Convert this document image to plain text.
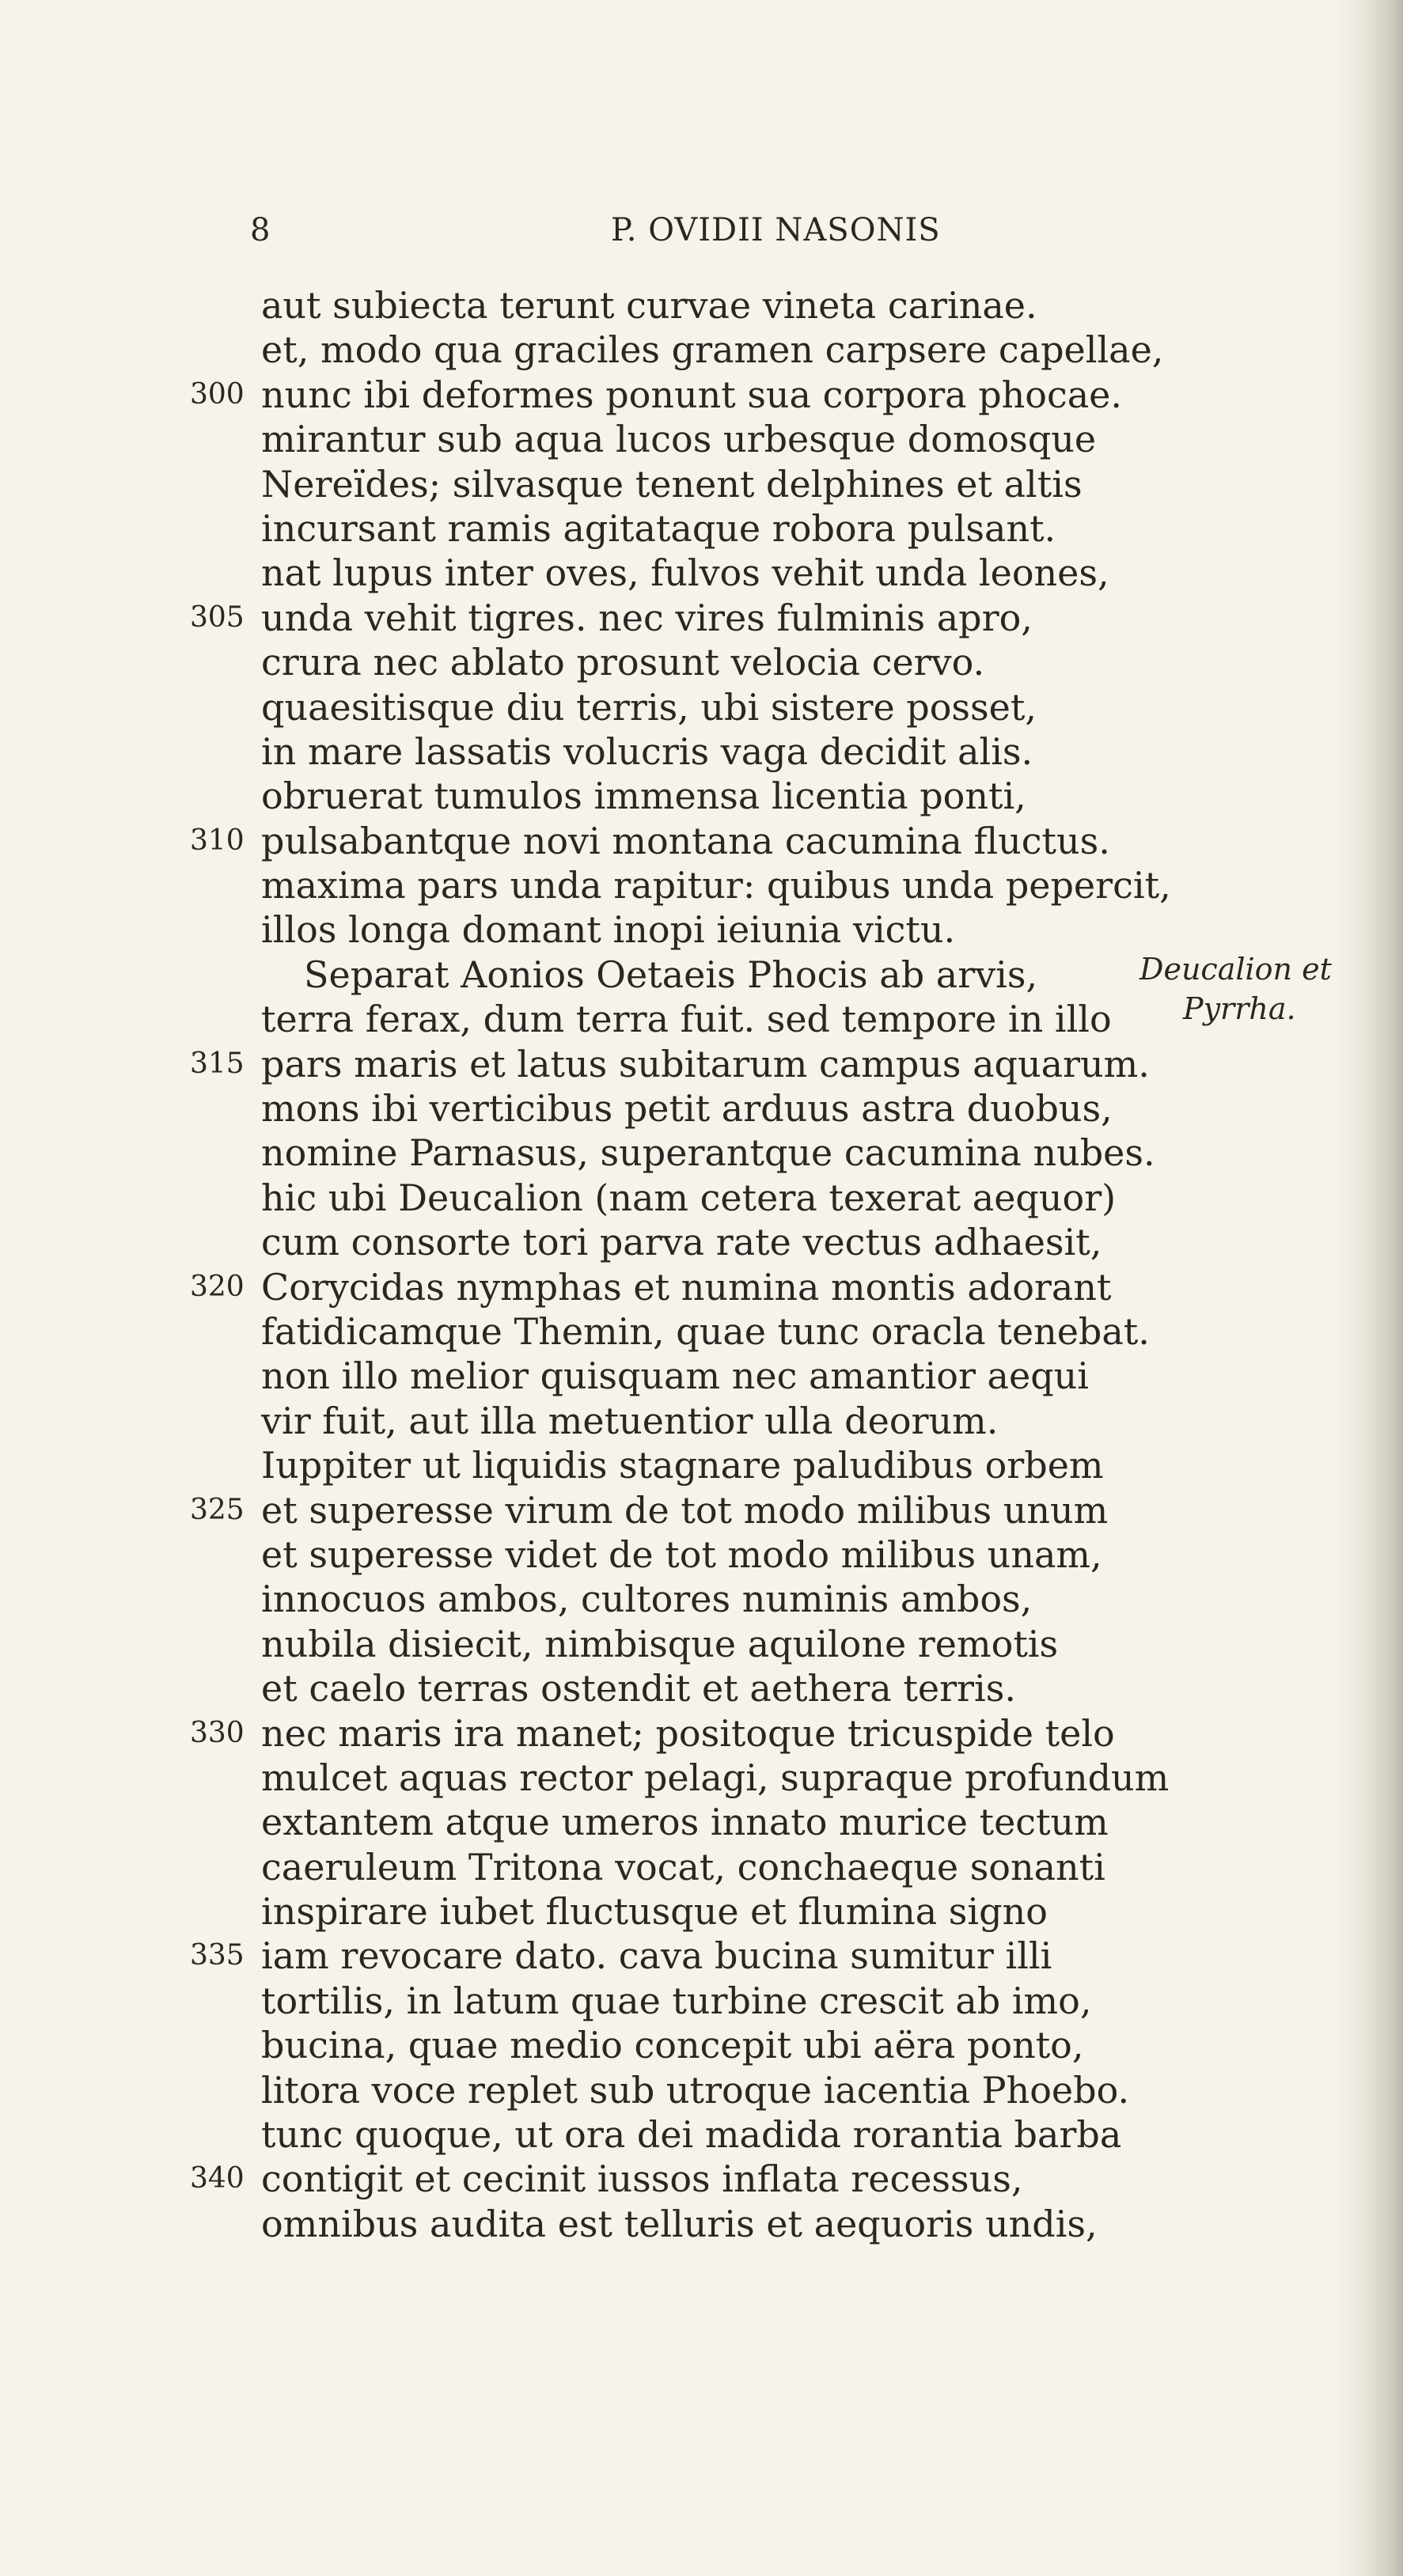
8	P. OVIDII NASONIS
aut subiecta terunt curvae vineta carinae.
et, modo qua graciles gramen carpsere capellae,
300 nunc ibi deformes ponunt sua corpora phocae.
mirantur sub aqua lucos urbesque domosque
Nereïdes; silvasque tenent delphines et altis
incursant ramis agitataque robora pulsant.
nat lupus inter oves, fulvos vehit unda leones,
305 unda vehit tigres. nec vires fulminis apro,
crura nec ablato prosunt velocia cervo.
quaesitisque diu terris, ubi sistere posset,
in mare lassatis volucris vaga decidit alis.
obruerat tumulos immensa licentia ponti,
310 pulsabantque novi montana cacumina fluctus.
maxima pars unda rapitur: quibus unda pepercit,
illos longa domant inopi ieiunia victu.
Separat Aonios Oetaeis Phocis ab arvis,
terra ferax, dum terra fuit. sed tempore in illo
315 pars maris et latus subitarum campus aquarum.
mons ibi verticibus petit arduus astra duobus,
nomine Parnasus, superantque cacumina nubes.
hic ubi Deucalion (nam cetera texerat aequor)
cum consorte tori parva rate vectus adhaesit,
320 Corycidas nymphas et numina montis adorant
fatidicamque Themin, quae tunc oracla tenebat.
non illo melior quisquam nec amantior aequi
vir fuit, aut illa metuentior ulla deorum.
Iuppiter ut liquidis stagnare paludibus orbem
325 et superesse virum de tot modo milibus unum
et superesse videt de tot modo milibus unam,
innocuos ambos, cultores numinis ambos,
nubila disiecit, nimbisque aquilone remotis
et caelo terras ostendit et aethera terris.
330 nec maris ira manet; positoque tricuspide telo
mulcet aquas rector pelagi, supraque profundum
extantem atque umeros innato murice tectum
caeruleum Tritona vocat, conchaeque sonanti
inspirare iubet fluctusque et flumina signo
335 iam revocare dato. cava bucina sumitur illi
tortilis, in latum quae turbine crescit ab imo,
bucina, quae medio concepit ubi aëra ponto,
litora voce replet sub utroque iacentia Phoebo.
tunc quoque, ut ora dei madida rorantia barba
340 contigit et cecinit iussos inflata recessus,
omnibus audita est telluris et aequoris undis,
Deucalion et
Pyrrha.
